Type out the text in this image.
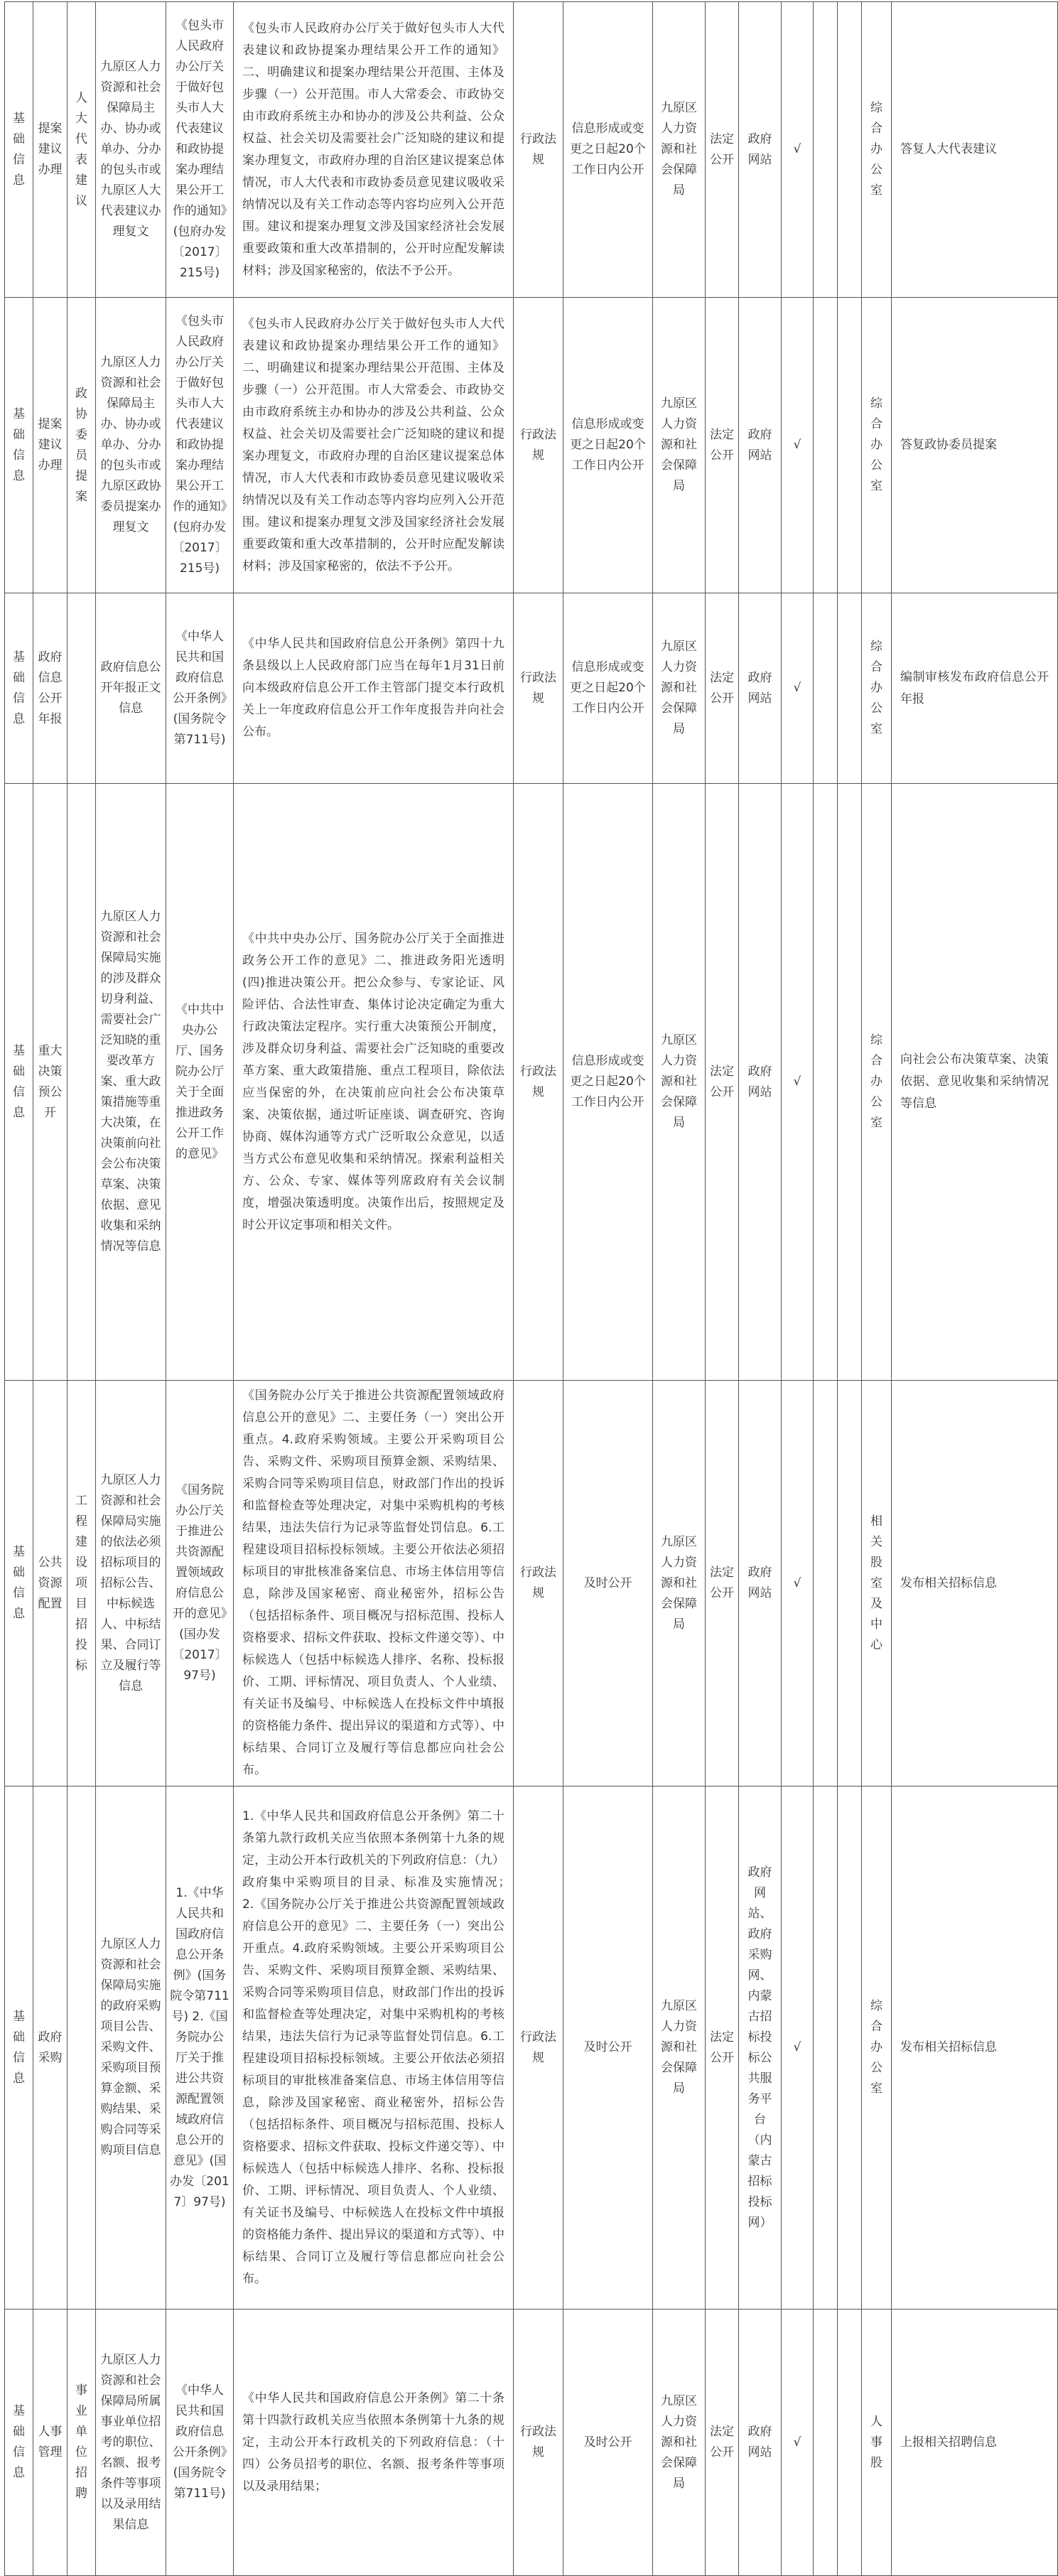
基础信息	提案建议办理	人大代表建议	九原区人力资源和社会保障局主办、协办或单办、分办的包头市或九原区人大代表建议办理复文	《包头市人民政府办公厅关于做好包头市人大代表建议和政协提案办理结果公开工作的通知》(包府办发〔2017〕215号)	《包头市人民政府办公厅关于做好包头市人大代表建议和政协提案办理结果公开工作的通知》二、明确建议和提案办理结果公开范围、主体及步骤（一）公开范围。市人大常委会、市政协交由市政府系统主办和协办的涉及公共利益、公众权益、社会关切及需要社会广泛知晓的建议和提案办理复文，市政府办理的自治区建议提案总体情况，市人大代表和市政协委员意见建议吸收采纳情况以及有关工作动态等内容均应列入公开范围。建议和提案办理复文涉及国家经济社会发展重要政策和重大改革措制的，公开时应配发解读材料；涉及国家秘密的，依法不予公开。	行政法规	信息形成或变更之日起20个工作日内公开	九原区人力资源和社会保障局	法定公开	政府网站	√			综合办公室	答复人大代表建议

基础信息	提案建议办理	政协委员提案	九原区人力资源和社会保障局主办、协办或单办、分办的包头市或九原区政协委员提案办理复文	《包头市人民政府办公厅关于做好包头市人大代表建议和政协提案办理结果公开工作的通知》(包府办发〔2017〕215号)	《包头市人民政府办公厅关于做好包头市人大代表建议和政协提案办理结果公开工作的通知》二、明确建议和提案办理结果公开范围、主体及步骤（一）公开范围。市人大常委会、市政协交由市政府系统主办和协办的涉及公共利益、公众权益、社会关切及需要社会广泛知晓的建议和提案办理复文，市政府办理的自治区建议提案总体情况，市人大代表和市政协委员意见建议吸收采纳情况以及有关工作动态等内容均应列入公开范围。建议和提案办理复文涉及国家经济社会发展重要政策和重大改革措制的，公开时应配发解读材料；涉及国家秘密的，依法不予公开。	行政法规	信息形成或变更之日起20个工作日内公开	九原区人力资源和社会保障局	法定公开	政府网站	√			综合办公室	答复政协委员提案

基础信息	政府信息公开年报		政府信息公开年报正文信息	《中华人民共和国政府信息公开条例》(国务院令第711号)	《中华人民共和国政府信息公开条例》第四十九条县级以上人民政府部门应当在每年1月31日前向本级政府信息公开工作主管部门提交本行政机关上一年度政府信息公开工作年度报告并向社会公布。	行政法规	信息形成或变更之日起20个工作日内公开	九原区人力资源和社会保障局	法定公开	政府网站	√			综合办公室	编制审核发布政府信息公开年报

基础信息	重大决策预公开		九原区人力资源和社会保障局实施的涉及群众切身利益、需要社会广泛知晓的重要改革方案、重大政策措施等重大决策，在决策前向社会公布决策草案、决策依据、意见收集和采纳情况等信息	《中共中央办公厅、国务院办公厅关于全面推进政务公开工作的意见》	《中共中央办公厅、国务院办公厅关于全面推进政务公开工作的意见》二、推进政务阳光透明(四)推进决策公开。把公众参与、专家论证、风险评估、合法性审查、集体讨论决定确定为重大行政决策法定程序。实行重大决策预公开制度，涉及群众切身利益、需要社会广泛知晓的重要改革方案、重大政策措施、重点工程项目，除依法应当保密的外，在决策前应向社会公布决策草案、决策依据，通过听证座谈、调查研究、咨询协商、媒体沟通等方式广泛听取公众意见，以适当方式公布意见收集和采纳情况。探索利益相关方、公众、专家、媒体等列席政府有关会议制度，增强决策透明度。决策作出后，按照规定及时公开议定事项和相关文件。	行政法规	信息形成或变更之日起20个工作日内公开	九原区人力资源和社会保障局	法定公开	政府网站	√			综合办公室	向社会公布决策草案、决策依据、意见收集和采纳情况等信息

基础信息	公共资源配置	工程建设项目招投标	九原区人力资源和社会保障局实施的依法必须招标项目的招标公告、中标候选人、中标结果、合同订立及履行等信息	《国务院办公厅关于推进公共资源配置领域政府信息公开的意见》(国办发〔2017〕97号)	《国务院办公厅关于推进公共资源配置领域政府信息公开的意见》二、主要任务（一）突出公开重点。4.政府采购领域。主要公开采购项目公告、采购文件、采购项目预算金额、采购结果、采购合同等采购项目信息，财政部门作出的投诉和监督检查等处理决定，对集中采购机构的考核结果，违法失信行为记录等监督处罚信息。6.工程建设项目招标投标领域。主要公开依法必须招标项目的审批核准备案信息、市场主体信用等信息，除涉及国家秘密、商业秘密外，招标公告（包括招标条件、项目概况与招标范围、投标人资格要求、招标文件获取、投标文件递交等）、中标候选人（包括中标候选人排序、名称、投标报价、工期、评标情况、项目负责人、个人业绩、有关证书及编号、中标候选人在投标文件中填报的资格能力条件、提出异议的渠道和方式等）、中标结果、合同订立及履行等信息都应向社会公布。	行政法规	及时公开	九原区人力资源和社会保障局	法定公开	政府网站	√			相关股室及中心	发布相关招标信息

基础信息	政府采购		九原区人力资源和社会保障局实施的政府采购项目公告、采购文件、采购项目预算金额、采购结果、采购合同等采购项目信息	1.《中华人民共和国政府信息公开条例》(国务院令第711号) 2.《国务院办公厅关于推进公共资源配置领域政府信息公开的意见》(国办发〔2017〕97号)	1.《中华人民共和国政府信息公开条例》第二十条第九款行政机关应当依照本条例第十九条的规定，主动公开本行政机关的下列政府信息：（九）政府集中采购项目的目录、标准及实施情况；　　2.《国务院办公厅关于推进公共资源配置领域政府信息公开的意见》二、主要任务（一）突出公开重点。4.政府采购领域。主要公开采购项目公告、采购文件、采购项目预算金额、采购结果、采购合同等采购项目信息，财政部门作出的投诉和监督检查等处理决定，对集中采购机构的考核结果，违法失信行为记录等监督处罚信息。6.工程建设项目招标投标领域。主要公开依法必须招标项目的审批核准备案信息、市场主体信用等信息，除涉及国家秘密、商业秘密外，招标公告（包括招标条件、项目概况与招标范围、投标人资格要求、招标文件获取、投标文件递交等）、中标候选人（包括中标候选人排序、名称、投标报价、工期、评标情况、项目负责人、个人业绩、有关证书及编号、中标候选人在投标文件中填报的资格能力条件、提出异议的渠道和方式等）、中标结果、合同订立及履行等信息都应向社会公布。	行政法规	及时公开	九原区人力资源和社会保障局	法定公开	政府网站、政府采购网、内蒙古招标投标公共服务平台（内蒙古招标投标网）	√			综合办公室	发布相关招标信息

基础信息	人事管理	事业单位招聘	九原区人力资源和社会保障局所属事业单位招考的职位、名额、报考条件等事项以及录用结果信息	《中华人民共和国政府信息公开条例》(国务院令第711号)	《中华人民共和国政府信息公开条例》第二十条第十四款行政机关应当依照本条例第十九条的规定，主动公开本行政机关的下列政府信息：（十四）公务员招考的职位、名额、报考条件等事项以及录用结果；	行政法规	及时公开	九原区人力资源和社会保障局	法定公开	政府网站	√			人事股	上报相关招聘信息
